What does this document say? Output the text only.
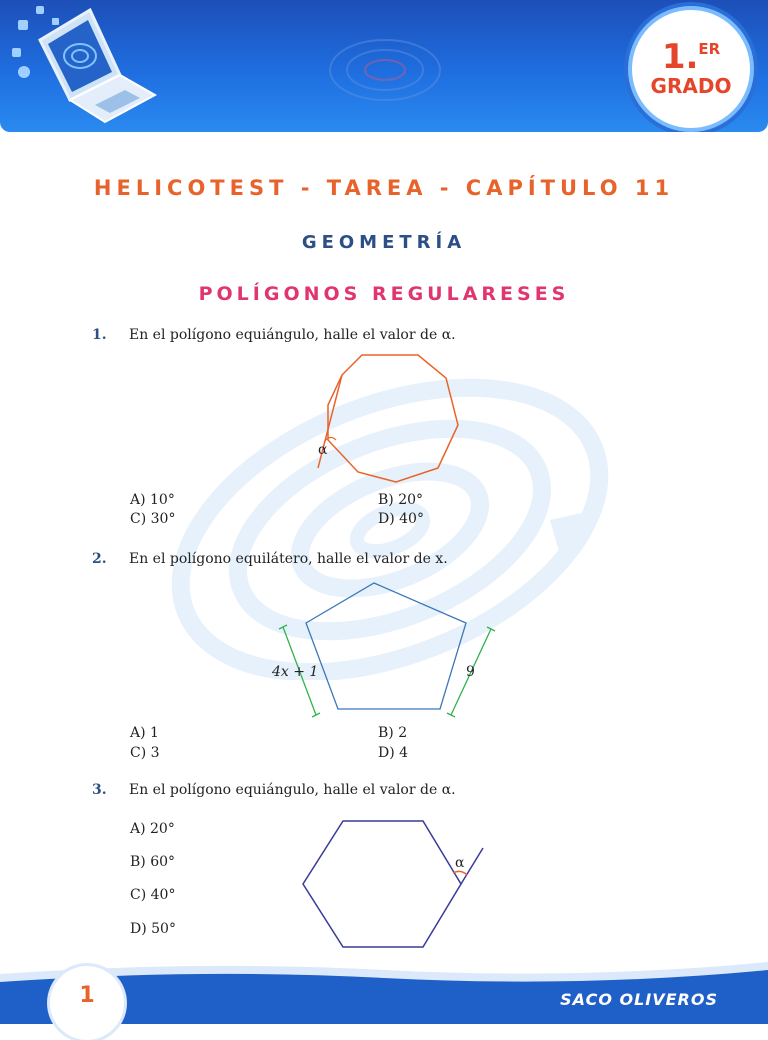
1.$^{ER}$
GRADO
HELICOTEST - TAREA - CAPÍTULO 11
GEOMETRÍA
POLÍGONOS REGULARESES
1. En el polígono equiángulo, halle el valor de α.
α
A) 10°	B) 20°
C) 30°	D) 40°
2. En el polígono equilátero, halle el valor de x.
4x + 1	9
A) 1	B) 2
C) 3	D) 4
3. En el polígono equiángulo, halle el valor de α.
A) 20°
B) 60°
C) 40°
D) 50°
α
1	SACO OLIVEROS
